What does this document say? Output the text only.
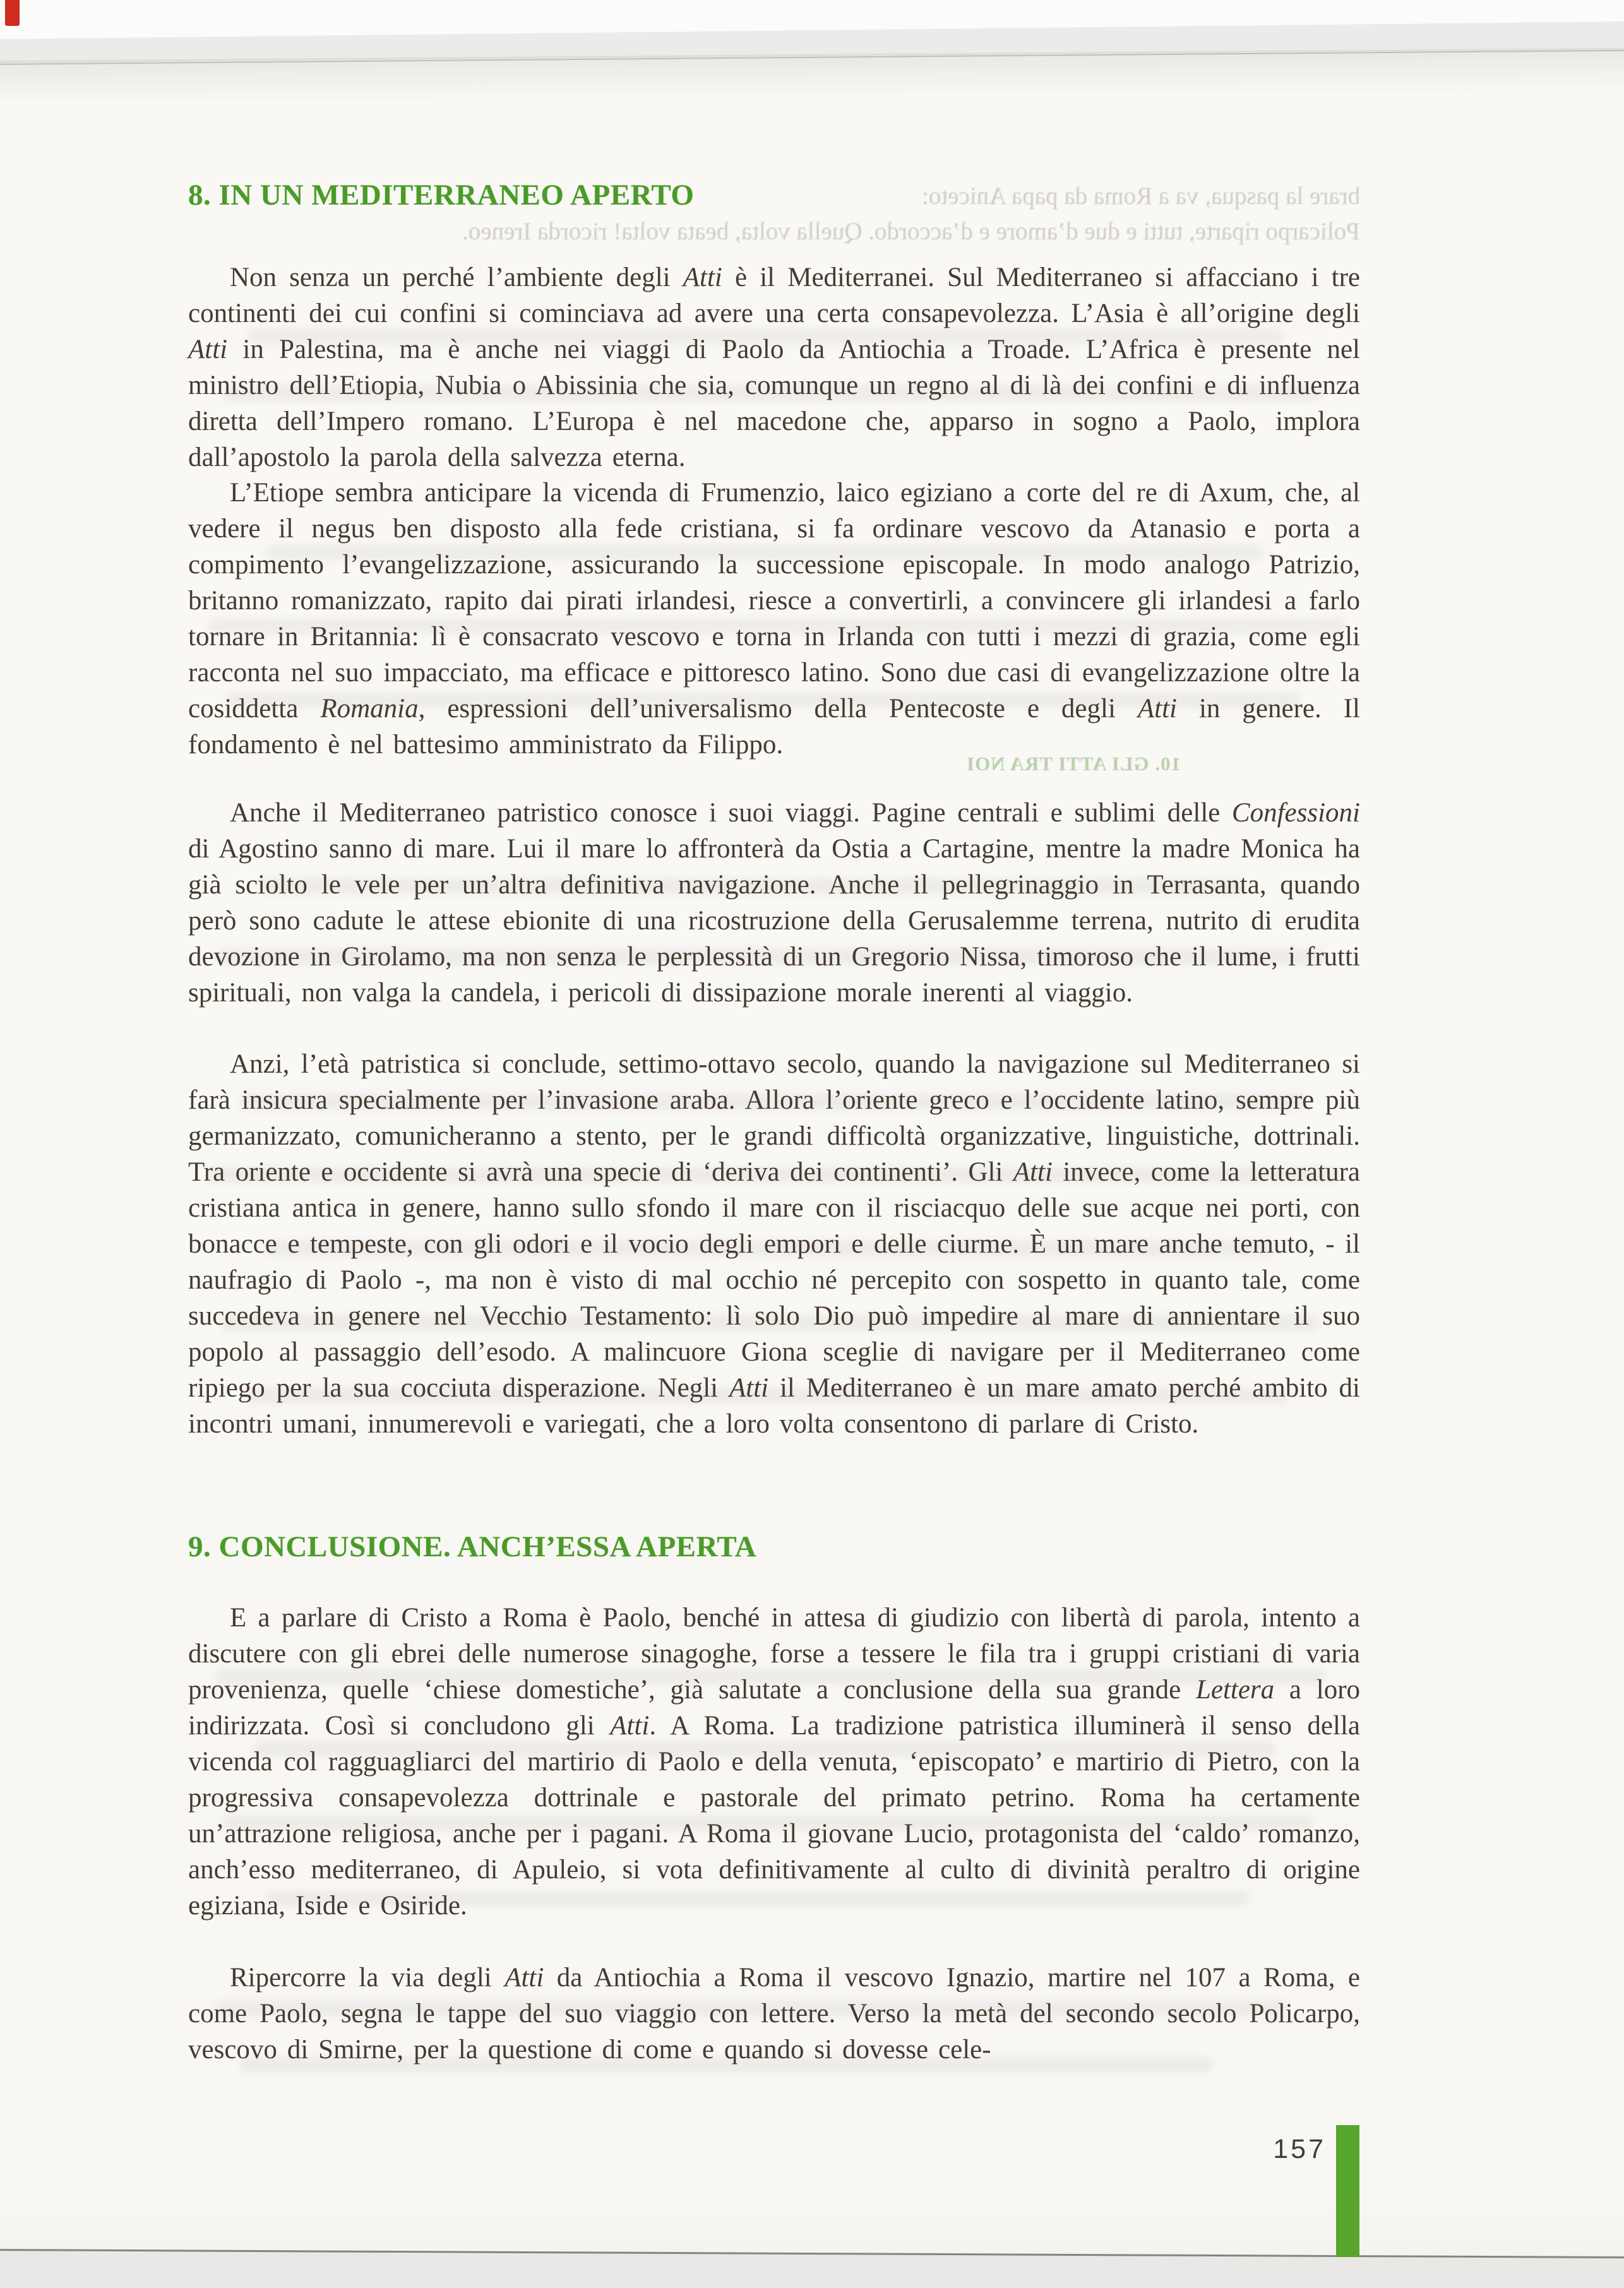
brare la pasqua, va a Roma da papa Aniceto:
Policarpo riparte, tutti e due d’amore e d’accordo. Quella volta, beata volta! ricorda Ireneo.
10. GLI ATTI TRA NOI
8. IN UN MEDITERRANEO APERTO

Non senza un perché l’ambiente degli Atti è il Mediterranei. Sul Mediterraneo si affacciano i tre continenti dei cui confini si cominciava ad avere una certa consapevolezza. L’Asia è all’origine degli Atti in Palestina, ma è anche nei viaggi di Paolo da Antiochia a Troade. L’Africa è presente nel ministro dell’Etiopia, Nubia o Abissinia che sia, comunque un regno al di là dei confini e di influenza diretta dell’Impero romano. L’Europa è nel macedone che, apparso in sogno a Paolo, implora dall’apostolo la parola della salvezza eterna.

L’Etiope sembra anticipare la vicenda di Frumenzio, laico egiziano a corte del re di Axum, che, al vedere il negus ben disposto alla fede cristiana, si fa ordinare vescovo da Atanasio e porta a compimento l’evangelizzazione, assicurando la successione episcopale. In modo analogo Patrizio, britanno romanizzato, rapito dai pirati irlandesi, riesce a convertirli, a convincere gli irlandesi a farlo tornare in Britannia: lì è consacrato vescovo e torna in Irlanda con tutti i mezzi di grazia, come egli racconta nel suo impacciato, ma efficace e pittoresco latino. Sono due casi di evangelizzazione oltre la cosiddetta Romania, espressioni dell’universalismo della Pentecoste e degli Atti in genere. Il fondamento è nel battesimo amministrato da Filippo.

Anche il Mediterraneo patristico conosce i suoi viaggi. Pagine centrali e sublimi delle Confessioni di Agostino sanno di mare. Lui il mare lo affronterà da Ostia a Cartagine, mentre la madre Monica ha già sciolto le vele per un’altra definitiva navigazione. Anche il pellegrinaggio in Terrasanta, quando però sono cadute le attese ebionite di una ricostruzione della Gerusalemme terrena, nutrito di erudita devozione in Girolamo, ma non senza le perplessità di un Gregorio Nissa, timoroso che il lume, i frutti spirituali, non valga la candela, i pericoli di dissipazione morale inerenti al viaggio.

Anzi, l’età patristica si conclude, settimo-ottavo secolo, quando la navigazione sul Mediterraneo si farà insicura specialmente per l’invasione araba. Allora l’oriente greco e l’occidente latino, sempre più germanizzato, comunicheranno a stento, per le grandi difficoltà organizzative, linguistiche, dottrinali. Tra oriente e occidente si avrà una specie di ‘deriva dei continenti’. Gli Atti invece, come la letteratura cristiana antica in genere, hanno sullo sfondo il mare con il risciacquo delle sue acque nei porti, con bonacce e tempeste, con gli odori e il vocio degli empori e delle ciurme. È un mare anche temuto, - il naufragio di Paolo -, ma non è visto di mal occhio né percepito con sospetto in quanto tale, come succedeva in genere nel Vecchio Testamento: lì solo Dio può impedire al mare di annientare il suo popolo al passaggio dell’esodo. A malincuore Giona sceglie di navigare per il Mediterraneo come ripiego per la sua cocciuta disperazione. Negli Atti il Mediterraneo è un mare amato perché ambito di incontri umani, innumerevoli e variegati, che a loro volta consentono di parlare di Cristo.

9. CONCLUSIONE. ANCH’ESSA APERTA

E a parlare di Cristo a Roma è Paolo, benché in attesa di giudizio con libertà di parola, intento a discutere con gli ebrei delle numerose sinagoghe, forse a tessere le fila tra i gruppi cristiani di varia provenienza, quelle ‘chiese domestiche’, già salutate a conclusione della sua grande Lettera a loro indirizzata. Così si concludono gli Atti. A Roma. La tradizione patristica illuminerà il senso della vicenda col ragguagliarci del martirio di Paolo e della venuta, ‘episcopato’ e martirio di Pietro, con la progressiva consapevolezza dottrinale e pastorale del primato petrino. Roma ha certamente un’attrazione religiosa, anche per i pagani. A Roma il giovane Lucio, protagonista del ‘caldo’ romanzo, anch’esso mediterraneo, di Apuleio, si vota definitivamente al culto di divinità peraltro di origine egiziana, Iside e Osiride.

Ripercorre la via degli Atti da Antiochia a Roma il vescovo Ignazio, martire nel 107 a Roma, e come Paolo, segna le tappe del suo viaggio con lettere. Verso la metà del secondo secolo Policarpo, vescovo di Smirne, per la questione di come e quando si dovesse cele-

157
